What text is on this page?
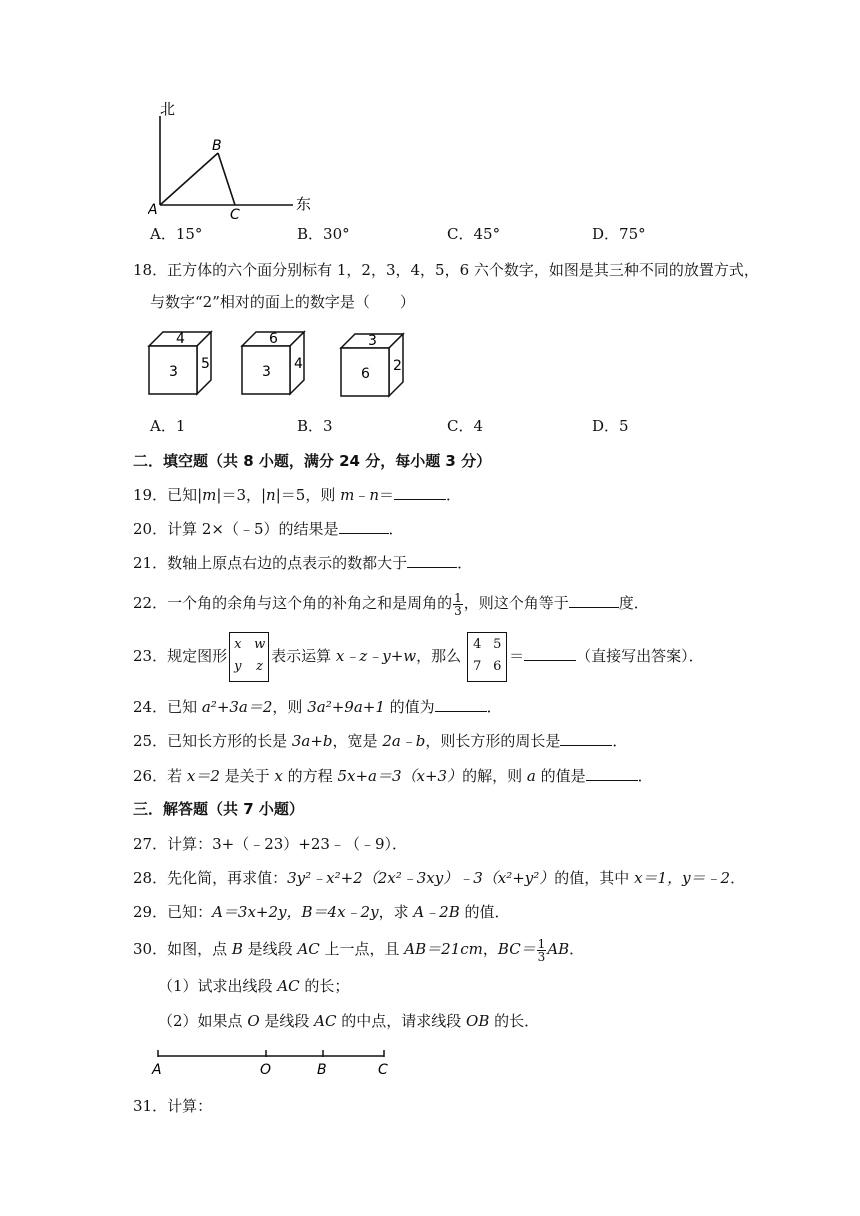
北
东
A
B
C
A．15°	B．30°	C．45°	D．75°
18．正方体的六个面分别标有 1，2，3，4，5，6 六个数字，如图是其三种不同的放置方式，
与数字“2”相对的面上的数字是（　　）
4
3 5
6
3 4
3
6 2
A．1	B．3	C．4	D．5
二．填空题（共 8 小题，满分 24 分，每小题 3 分）
19．已知|m|＝3，|n|＝5，则 m﹣n＝	．
20．计算 2×（﹣5）的结果是	．
21．数轴上原点右边的点表示的数都大于	．
22．一个角的余角与这个角的补角之和是周角的 $\frac{1}{3}$ ，则这个角等于	度．
23．规定图形
x w
y z
表示运算 x﹣z﹣y+w，那么
4 5
7 6
＝	（直接写出答案）．
24．已知 a²+3a＝2，则 3a²+9a+1 的值为	．
25．已知长方形的长是 3a+b，宽是 2a﹣b，则长方形的周长是	．
26．若 x＝2 是关于 x 的方程 5x+a＝3（x+3）的解，则 a 的值是	．
三．解答题（共 7 小题）
27．计算：3+（﹣23）+23﹣（﹣9）．
28．先化简，再求值：3y²﹣x²+2（2x²﹣3xy）﹣3（x²+y²）的值，其中 x＝1，y＝﹣2．
29．已知：A＝3x+2y，B＝4x﹣2y，求 A﹣2B 的值．
30．如图，点 B 是线段 AC 上一点，且 AB＝21cm，$BC= \frac{1}{3}$ AB．
（1）试求出线段 AC 的长；
（2）如果点 O 是线段 AC 的中点，请求线段 OB 的长．
A	O	B	C
31．计算：
